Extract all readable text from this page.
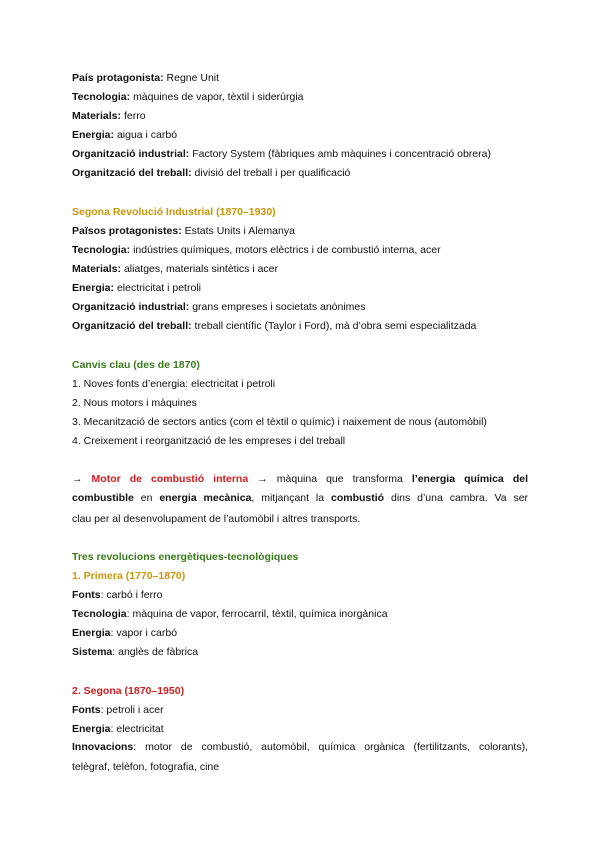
País protagonista: Regne Unit
Tecnologia: màquines de vapor, tèxtil i siderúrgia
Materials: ferro
Energia: aigua i carbó
Organització industrial: Factory System (fàbriques amb màquines i concentració obrera)
Organització del treball: divisió del treball i per qualificació
Segona Revolució Industrial (1870–1930)
Països protagonistes: Estats Units i Alemanya
Tecnologia: indústries químiques, motors elèctrics i de combustió interna, acer
Materials: aliatges, materials sintètics i acer
Energia: electricitat i petroli
Organització industrial: grans empreses i societats anònimes
Organització del treball: treball científic (Taylor i Ford), mà d’obra semi especialitzada
Canvis clau (des de 1870)
1. Noves fonts d’energia: electricitat i petroli
2. Nous motors i màquines
3. Mecanització de sectors antics (com el tèxtil o químic) i naixement de nous (automòbil)
4. Creixement i reorganització de les empreses i del treball
→ Motor de combustió interna → màquina que transforma l’energia química del
combustible en energia mecànica, mitjançant la combustió dins d’una cambra. Va ser
clau per al desenvolupament de l’automòbil i altres transports.
Tres revolucions energètiques-tecnològiques
1. Primera (1770–1870)
Fonts: carbó i ferro
Tecnologia: màquina de vapor, ferrocarril, tèxtil, química inorgànica
Energia: vapor i carbó
Sistema: anglès de fàbrica
2. Segona (1870–1950)
Fonts: petroli i acer
Energia: electricitat
Innovacions: motor de combustió, automòbil, química orgànica (fertilitzants, colorants),
telègraf, telèfon, fotografia, cine
